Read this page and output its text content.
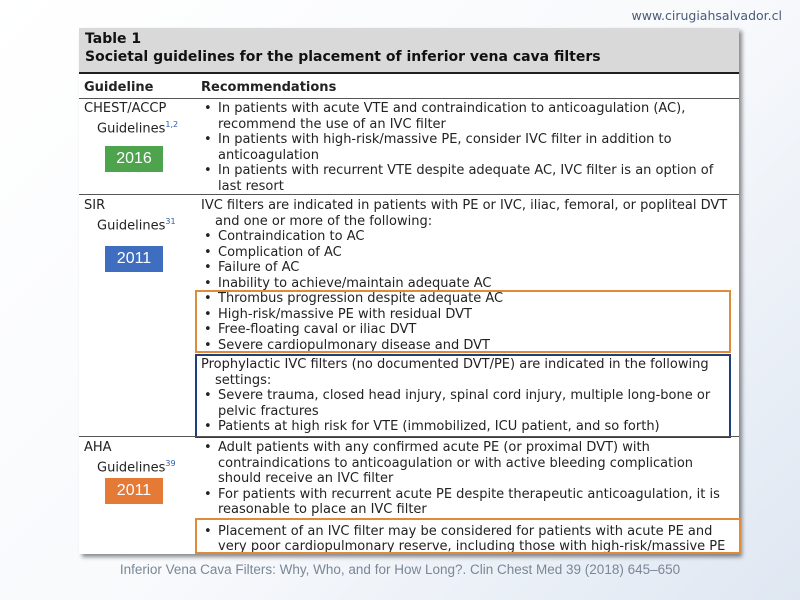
www.cirugiahsalvador.cl
Table 1
Societal guidelines for the placement of inferior vena cava filters
Guideline	Recommendations
CHEST/ACCP
Guidelines$^{1,2}$
• In patients with acute VTE and contraindication to anticoagulation (AC), recommend the use of an IVC filter
• In patients with high-risk/massive PE, consider IVC filter in addition to anticoagulation
• In patients with recurrent VTE despite adequate AC, IVC filter is an option of last resort
2016
SIR
Guidelines$^{31}$
IVC filters are indicated in patients with PE or IVC, iliac, femoral, or popliteal DVT and one or more of the following:
• Contraindication to AC
• Complication of AC
• Failure of AC
• Inability to achieve/maintain adequate AC
• Thrombus progression despite adequate AC
• High-risk/massive PE with residual DVT
• Free-floating caval or iliac DVT
• Severe cardiopulmonary disease and DVT
Prophylactic IVC filters (no documented DVT/PE) are indicated in the following settings:
• Severe trauma, closed head injury, spinal cord injury, multiple long-bone or pelvic fractures
• Patients at high risk for VTE (immobilized, ICU patient, and so forth)
2011
AHA
Guidelines$^{39}$
• Adult patients with any confirmed acute PE (or proximal DVT) with contraindications to anticoagulation or with active bleeding complication should receive an IVC filter
• For patients with recurrent acute PE despite therapeutic anticoagulation, it is reasonable to place an IVC filter
• Placement of an IVC filter may be considered for patients with acute PE and very poor cardiopulmonary reserve, including those with high-risk/massive PE
2011
Inferior Vena Cava Filters: Why, Who, and for How Long?. Clin Chest Med 39 (2018) 645–650
